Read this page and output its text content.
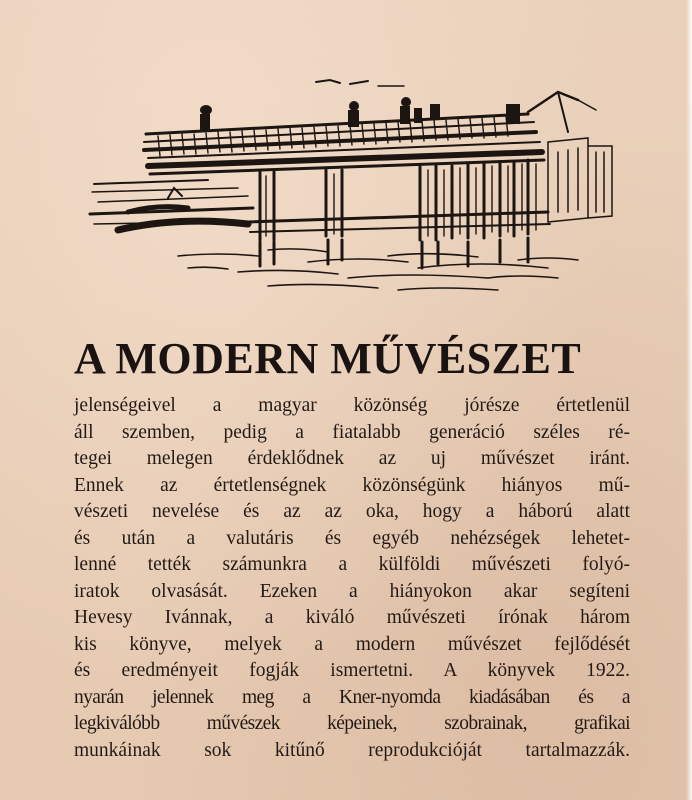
A MODERN MŰVÉSZET
jelenségeivel a magyar közönség jórésze értetlenül
áll szemben, pedig a fiatalabb generáció széles ré-
tegei melegen érdeklődnek az uj művészet iránt.
Ennek az értetlenségnek közönségünk hiányos mű-
vészeti nevelése és az az oka, hogy a háború alatt
és után a valutáris és egyéb nehézségek lehetet-
lenné tették számunkra a külföldi művészeti folyó-
iratok olvasását. Ezeken a hiányokon akar segíteni
Hevesy Ivánnak, a kiváló művészeti írónak három
kis könyve, melyek a modern művészet fejlődését
és eredményeit fogják ismertetni. A könyvek 1922.
nyarán jelennek meg a Kner-nyomda kiadásában és a
legkiválóbb művészek képeinek, szobrainak, grafikai
munkáinak sok kitűnő reprodukcióját tartalmazzák.
